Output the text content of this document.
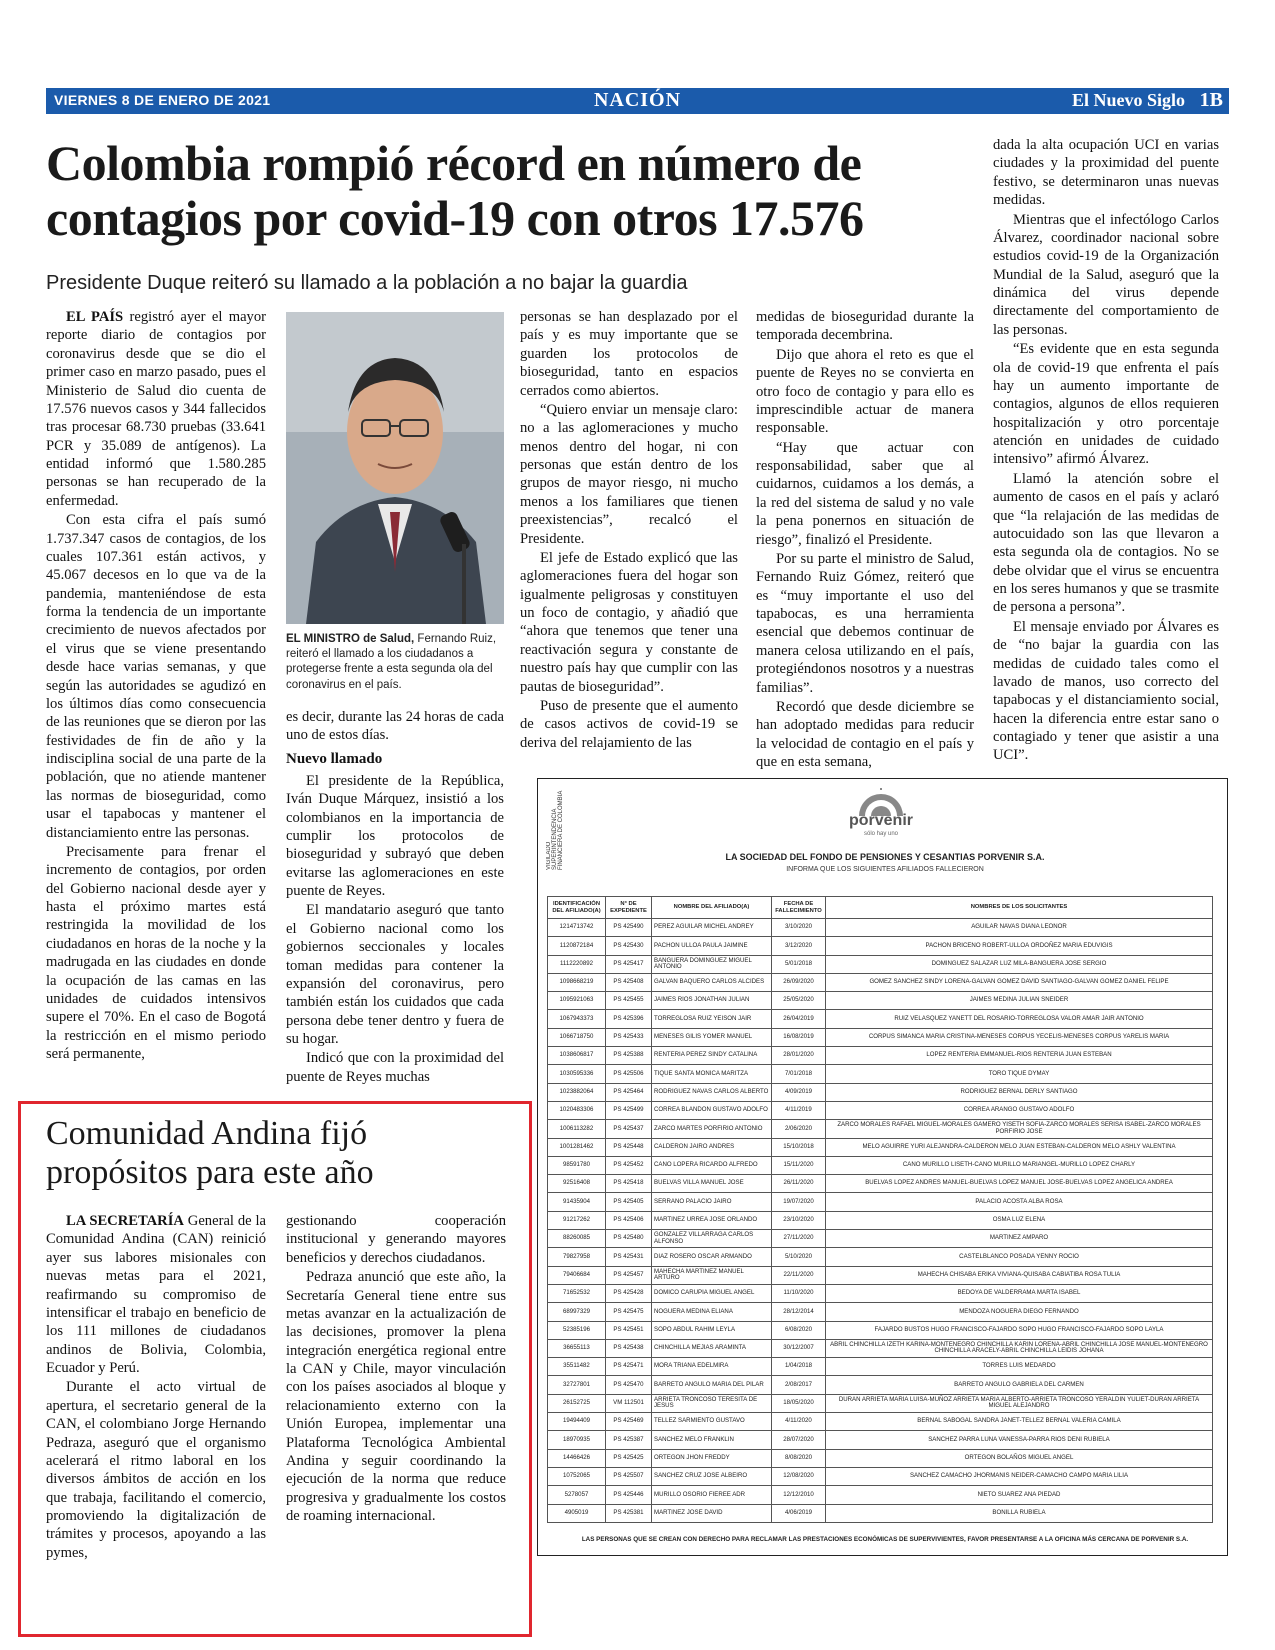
VIERNES 8 DE ENERO DE 2021	NACIÓN	El Nuevo Siglo 1B
Colombia rompió récord en número de contagios por covid-19 con otros 17.576
Presidente Duque reiteró su llamado a la población a no bajar la guardia

EL PAÍS registró ayer el mayor reporte diario de contagios por coronavirus desde que se dio el primer caso en marzo pasado, pues el Ministerio de Salud dio cuenta de 17.576 nuevos casos y 344 fallecidos tras procesar 68.730 pruebas (33.641 PCR y 35.089 de antígenos). La entidad informó que 1.580.285 personas se han recuperado de la enfermedad.

Con esta cifra el país sumó 1.737.347 casos de contagios, de los cuales 107.361 están activos, y 45.067 decesos en lo que va de la pandemia, manteniéndose de esta forma la tendencia de un importante crecimiento de nuevos afectados por el virus que se viene presentando desde hace varias semanas, y que según las autoridades se agudizó en los últimos días como consecuencia de las reuniones que se dieron por las festividades de fin de año y la indisciplina social de una parte de la población, que no atiende mantener las normas de bioseguridad, como usar el tapabocas y mantener el distanciamiento entre las personas.

Precisamente para frenar el incremento de contagios, por orden del Gobierno nacional desde ayer y hasta el próximo martes está restringida la movilidad de los ciudadanos en horas de la noche y la madrugada en las ciudades en donde la ocupación de las camas en las unidades de cuidados intensivos supere el 70%. En el caso de Bogotá la restricción en el mismo periodo será permanente,

EL MINISTRO de Salud, Fernando Ruiz, reiteró el llamado a los ciudadanos a protegerse frente a esta segunda ola del coronavirus en el país.

es decir, durante las 24 horas de cada uno de estos días.

Nuevo llamado

El presidente de la República, Iván Duque Márquez, insistió a los colombianos en la importancia de cumplir los protocolos de bioseguridad y subrayó que deben evitarse las aglomeraciones en este puente de Reyes.

El mandatario aseguró que tanto el Gobierno nacional como los gobiernos seccionales y locales toman medidas para contener la expansión del coronavirus, pero también están los cuidados que cada persona debe tener dentro y fuera de su hogar.

Indicó que con la proximidad del puente de Reyes muchas

personas se han desplazado por el país y es muy importante que se guarden los protocolos de bioseguridad, tanto en espacios cerrados como abiertos.

“Quiero enviar un mensaje claro: no a las aglomeraciones y mucho menos dentro del hogar, ni con personas que están dentro de los grupos de mayor riesgo, ni mucho menos a los familiares que tienen preexistencias”, recalcó el Presidente.

El jefe de Estado explicó que las aglomeraciones fuera del hogar son igualmente peligrosas y constituyen un foco de contagio, y añadió que “ahora que tenemos que tener una reactivación segura y constante de nuestro país hay que cumplir con las pautas de bioseguridad”.

Puso de presente que el aumento de casos activos de covid-19 se deriva del relajamiento de las

medidas de bioseguridad durante la temporada decembrina.

Dijo que ahora el reto es que el puente de Reyes no se convierta en otro foco de contagio y para ello es imprescindible actuar de manera responsable.

“Hay que actuar con responsabilidad, saber que al cuidarnos, cuidamos a los demás, a la red del sistema de salud y no vale la pena ponernos en situación de riesgo”, finalizó el Presidente.

Por su parte el ministro de Salud, Fernando Ruiz Gómez, reiteró que es “muy importante el uso del tapabocas, es una herramienta esencial que debemos continuar de manera celosa utilizando en el país, protegiéndonos nosotros y a nuestras familias”.

Recordó que desde diciembre se han adoptado medidas para reducir la velocidad de contagio en el país y que en esta semana,

dada la alta ocupación UCI en varias ciudades y la proximidad del puente festivo, se determinaron unas nuevas medidas.

Mientras que el infectólogo Carlos Álvarez, coordinador nacional sobre estudios covid-19 de la Organización Mundial de la Salud, aseguró que la dinámica del virus depende directamente del comportamiento de las personas.

“Es evidente que en esta segunda ola de covid-19 que enfrenta el país hay un aumento importante de contagios, algunos de ellos requieren hospitalización y otro porcentaje atención en unidades de cuidado intensivo” afirmó Álvarez.

Llamó la atención sobre el aumento de casos en el país y aclaró que “la relajación de las medidas de autocuidado son las que llevaron a esta segunda ola de contagios. No se debe olvidar que el virus se encuentra en los seres humanos y que se trasmite de persona a persona”.

El mensaje enviado por Álvares es de “no bajar la guardia con las medidas de cuidado tales como el lavado de manos, uso correcto del tapabocas y el distanciamiento social, hacen la diferencia entre estar sano o contagiado y tener que asistir a una UCI”.

Comunidad Andina fijó propósitos para este año

LA SECRETARÍA General de la Comunidad Andina (CAN) reinició ayer sus labores misionales con nuevas metas para el 2021, reafirmando su compromiso de intensificar el trabajo en beneficio de los 111 millones de ciudadanos andinos de Bolivia, Colombia, Ecuador y Perú.

Durante el acto virtual de apertura, el secretario general de la CAN, el colombiano Jorge Hernando Pedraza, aseguró que el organismo acelerará el ritmo laboral en los diversos ámbitos de acción en los que trabaja, facilitando el comercio, promoviendo la digitalización de trámites y procesos, apoyando a las pymes,

gestionando cooperación institucional y generando mayores beneficios y derechos ciudadanos.

Pedraza anunció que este año, la Secretaría General tiene entre sus metas avanzar en la actualización de las decisiones, promover la plena integración energética regional entre la CAN y Chile, mayor vinculación con los países asociados al bloque y relacionamiento externo con la Unión Europea, implementar una Plataforma Tecnológica Ambiental Andina y seguir coordinando la ejecución de la norma que reduce progresiva y gradualmente los costos de roaming internacional.

VIGILADO SUPERINTENDENCIA FINANCIERA DE COLOMBIA	porvenir
sólo hay uno
LA SOCIEDAD DEL FONDO DE PENSIONES Y CESANTIAS PORVENIR S.A.
INFORMA QUE LOS SIGUIENTES AFILIADOS FALLECIERON
IDENTIFICACIÓN DEL AFILIADO(A)	N° DE EXPEDIENTE	NOMBRE DEL AFILIADO(A)	FECHA DE FALLECIMIENTO	NOMBRES DE LOS SOLICITANTES
1214713742	PS 425490	PEREZ AGUILAR MICHEL ANDREY	3/10/2020	AGUILAR NAVAS DIANA LEONOR
1120872184	PS 425430	PACHON ULLOA PAULA JAIMINE	3/12/2020	PACHON BRICENO ROBERT-ULLOA ORDOÑEZ MARIA EDUVIGIS
1112220892	PS 425417	BANGUERA DOMINGUEZ MIGUEL ANTONIO	5/01/2018	DOMINGUEZ SALAZAR LUZ MILA-BANGUERA JOSE SERGIO
1098668219	PS 425408	GALVAN BAQUERO CARLOS ALCIDES	26/09/2020	GOMEZ SANCHEZ SINDY LORENA-GALVAN GOMEZ DAVID SANTIAGO-GALVAN GOMEZ DANIEL FELIPE
1095921063	PS 425455	JAIMES RIOS JONATHAN JULIAN	25/05/2020	JAIMES MEDINA JULIAN SNEIDER
1067943373	PS 425396	TORREGLOSA RUIZ YEISON JAIR	26/04/2019	RUIZ VELASQUEZ YANETT DEL ROSARIO-TORREGLOSA VALOR AMAR JAIR ANTONIO
1066718750	PS 425433	MENESES GILIS YOMER MANUEL	16/08/2019	CORPUS SIMANCA MARIA CRISTINA-MENESES CORPUS YECELIS-MENESES CORPUS YARELIS MARIA
1038606817	PS 425388	RENTERIA PEREZ SINDY CATALINA	28/01/2020	LOPEZ RENTERIA EMMANUEL-RIOS RENTERIA JUAN ESTEBAN
1030595336	PS 425506	TIQUE SANTA MONICA MARITZA	7/01/2018	TORO TIQUE DYMAY
1023882064	PS 425464	RODRIGUEZ NAVAS CARLOS ALBERTO	4/09/2019	RODRIGUEZ BERNAL DERLY SANTIAGO
1020483306	PS 425499	CORREA BLANDON GUSTAVO ADOLFO	4/11/2019	CORREA ARANGO GUSTAVO ADOLFO
1006113282	PS 425437	ZARCO MARTES PORFIRIO ANTONIO	2/06/2020	ZARCO MORALES RAFAEL MIGUEL-MORALES GAMERO YISETH SOFIA-ZARCO MORALES SERISA ISABEL-ZARCO MORALES PORFIRIO JOSE
1001281462	PS 425448	CALDERON JAIRO ANDRES	15/10/2018	MELO AGUIRRE YURI ALEJANDRA-CALDERON MELO JUAN ESTEBAN-CALDERON MELO ASHLY VALENTINA
98591780	PS 425452	CANO LOPERA RICARDO ALFREDO	15/11/2020	CANO MURILLO LISETH-CANO MURILLO MARIANGEL-MURILLO LOPEZ CHARLY
92516408	PS 425418	BUELVAS VILLA MANUEL JOSE	26/11/2020	BUELVAS LOPEZ ANDRES MANUEL-BUELVAS LOPEZ MANUEL JOSE-BUELVAS LOPEZ ANGELICA ANDREA
91435904	PS 425405	SERRANO PALACIO JAIRO	19/07/2020	PALACIO ACOSTA ALBA ROSA
91217262	PS 425406	MARTINEZ URREA JOSE ORLANDO	23/10/2020	OSMA LUZ ELENA
88260085	PS 425480	GONZALEZ VILLARRAGA CARLOS ALFONSO	27/11/2020	MARTINEZ AMPARO
79827958	PS 425431	DIAZ ROSERO OSCAR ARMANDO	5/10/2020	CASTELBLANCO POSADA YENNY ROCIO
79406684	PS 425457	MAHECHA MARTINEZ MANUEL ARTURO	22/11/2020	MAHECHA CHISABA ERIKA VIVIANA-QUISABA CABIATIBA ROSA TULIA
71652532	PS 425428	DOMICO CARUPIA MIGUEL ANGEL	11/10/2020	BEDOYA DE VALDERRAMA MARTA ISABEL
68997329	PS 425475	NOGUERA MEDINA ELIANA	28/12/2014	MENDOZA NOGUERA DIEGO FERNANDO
52385196	PS 425451	SOPO ABDUL RAHIM LEYLA	6/08/2020	FAJARDO BUSTOS HUGO FRANCISCO-FAJARDO SOPO HUGO FRANCISCO-FAJARDO SOPO LAYLA
36655113	PS 425438	CHINCHILLA MEJIAS ARAMINTA	30/12/2007	ABRIL CHINCHILLA IZETH KARINA-MONTENEGRO CHINCHILLA KARIN LORENA-ABRIL CHINCHILLA JOSE MANUEL-MONTENEGRO CHINCHILLA ARACELY-ABRIL CHINCHILLA LEIDIS JOHANA
35511482	PS 425471	MORA TRIANA EDELMIRA	1/04/2018	TORRES LUIS MEDARDO
32727801	PS 425470	BARRETO ANGULO MARIA DEL PILAR	2/08/2017	BARRETO ANGULO GABRIELA DEL CARMEN
26152725	VM 112501	ARRIETA TRONCOSO TERESITA DE JESUS	18/05/2020	DURAN ARRIETA MARIA LUISA-MUÑOZ ARRIETA MARIA ALBERTO-ARRIETA TRONCOSO YERALDIN YULIET-DURAN ARRIETA MIGUEL ALEJANDRO
19494409	PS 425469	TELLEZ SARMIENTO GUSTAVO	4/11/2020	BERNAL SABOGAL SANDRA JANET-TELLEZ BERNAL VALERIA CAMILA
18970935	PS 425387	SANCHEZ MELO FRANKLIN	28/07/2020	SANCHEZ PARRA LUNA VANESSA-PARRA RIOS DENI RUBIELA
14466426	PS 425425	ORTEGON JHON FREDDY	8/08/2020	ORTEGON BOLAÑOS MIGUEL ANGEL
10752065	PS 425507	SANCHEZ CRUZ JOSE ALBEIRO	12/08/2020	SANCHEZ CAMACHO JHORMANIS NEIDER-CAMACHO CAMPO MARIA LILIA
5278057	PS 425446	MURILLO OSORIO FIEREE ADR	12/12/2010	NIETO SUAREZ ANA PIEDAD
4905019	PS 425381	MARTINEZ JOSE DAVID	4/06/2019	BONILLA RUBIELA
LAS PERSONAS QUE SE CREAN CON DERECHO PARA RECLAMAR LAS PRESTACIONES ECONÓMICAS DE SUPERVIVIENTES, FAVOR PRESENTARSE A LA OFICINA MÁS CERCANA DE PORVENIR S.A.
